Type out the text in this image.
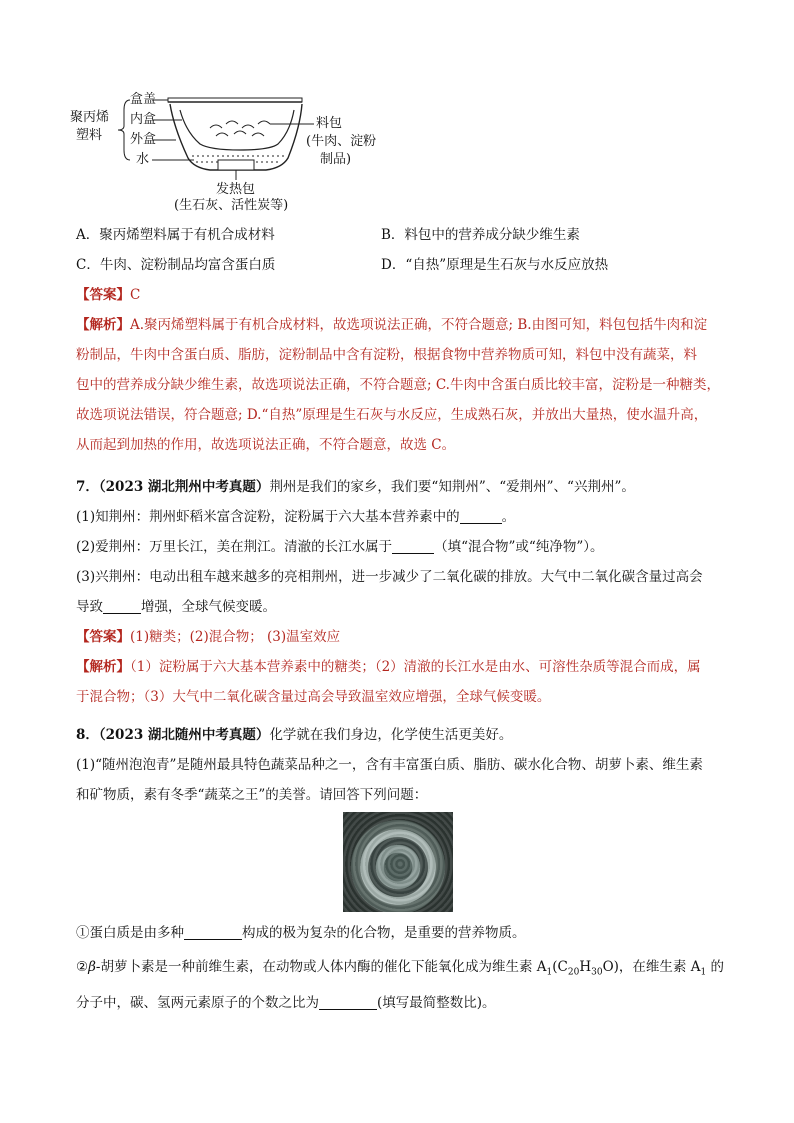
聚丙烯
塑料
盒盖
内盒
外盒
水
料包
(牛肉、淀粉
制品)
发热包
(生石灰、活性炭等)
A．聚丙烯塑料属于有机合成材料	B．料包中的营养成分缺少维生素
C．牛肉、淀粉制品均富含蛋白质	D．“自热”原理是生石灰与水反应放热
【答案】C
【解析】A.聚丙烯塑料属于有机合成材料，故选项说法正确，不符合题意; B.由图可知，料包包括牛肉和淀
粉制品，牛肉中含蛋白质、脂肪，淀粉制品中含有淀粉，根据食物中营养物质可知，料包中没有蔬菜，料
包中的营养成分缺少维生素，故选项说法正确，不符合题意; C.牛肉中含蛋白质比较丰富，淀粉是一种糖类，
故选项说法错误，符合题意; D.“自热”原理是生石灰与水反应，生成熟石灰，并放出大量热，使水温升高，
从而起到加热的作用，故选项说法正确，不符合题意，故选 C。
7．（2023 湖北荆州中考真题）荆州是我们的家乡，我们要“知荆州”、“爱荆州”、“兴荆州”。
(1)知荆州：荆州虾稻米富含淀粉，淀粉属于六大基本营养素中的	。
(2)爱荆州：万里长江，美在荆江。清澈的长江水属于	（填“混合物”或“纯净物”）。
(3)兴荆州：电动出租车越来越多的亮相荆州，进一步减少了二氧化碳的排放。大气中二氧化碳含量过高会
导致	增强，全球气候变暖。
【答案】(1)糖类；(2)混合物； (3)温室效应
【解析】（1）淀粉属于六大基本营养素中的糖类；（2）清澈的长江水是由水、可溶性杂质等混合而成，属
于混合物；（3）大气中二氧化碳含量过高会导致温室效应增强，全球气候变暖。
8．（2023 湖北随州中考真题）化学就在我们身边，化学使生活更美好。
(1)“随州泡泡青”是随州最具特色蔬菜品种之一，含有丰富蛋白质、脂肪、碳水化合物、胡萝卜素、维生素
和矿物质，素有冬季“蔬菜之王”的美誉。请回答下列问题：
①蛋白质是由多种	构成的极为复杂的化合物，是重要的营养物质。
②β-胡萝卜素是一种前维生素，在动物或人体内酶的催化下能氧化成为维生素 $A_1(C_{20}H_{30}O)$，在维生素 $A_1$ 的
分子中，碳、氢两元素原子的个数之比为	(填写最简整数比)。
